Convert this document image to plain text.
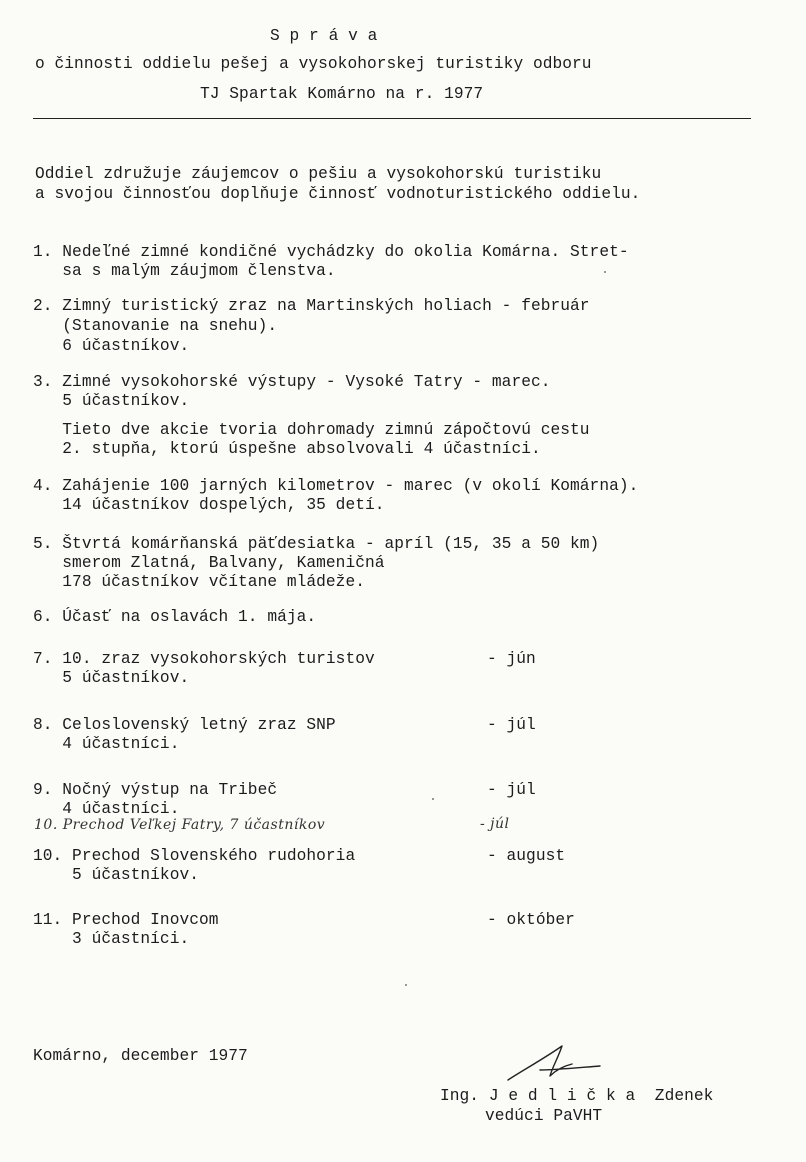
S p r á v a
o činnosti oddielu pešej a vysokohorskej turistiky odboru
TJ Spartak Komárno na r. 1977
Oddiel združuje záujemcov o pešiu a vysokohorskú turistiku
a svojou činnosťou doplňuje činnosť vodnoturistického oddielu.
1. Nedeľné zimné kondičné vychádzky do okolia Komárna. Stret-
sa s malým záujmom členstva.
2. Zimný turistický zraz na Martinských holiach - február
(Stanovanie na snehu).
6 účastníkov.
3. Zimné vysokohorské výstupy - Vysoké Tatry - marec.
5 účastníkov.
Tieto dve akcie tvoria dohromady zimnú zápočtovú cestu
2. stupňa, ktorú úspešne absolvovali 4 účastníci.
4. Zahájenie 100 jarných kilometrov - marec (v okolí Komárna).
14 účastníkov dospelých, 35 detí.
5. Štvrtá komárňanská päťdesiatka - apríl (15, 35 a 50 km)
smerom Zlatná, Balvany, Kameničná
178 účastníkov včítane mládeže.
6. Účasť na oslavách 1. mája.
7. 10. zraz vysokohorských turistov	- jún
5 účastníkov.
8. Celoslovenský letný zraz SNP	- júl
4 účastníci.
9. Nočný výstup na Tribeč	- júl
4 účastníci.
10. Prechod Veľkej Fatry, 7 účastníkov	- júl
10. Prechod Slovenského rudohoria	- august
5 účastníkov.
11. Prechod Inovcom	- október
3 účastníci.
Komárno, december 1977
Ing. J e d l i č k a  Zdenek
vedúci PaVHT
